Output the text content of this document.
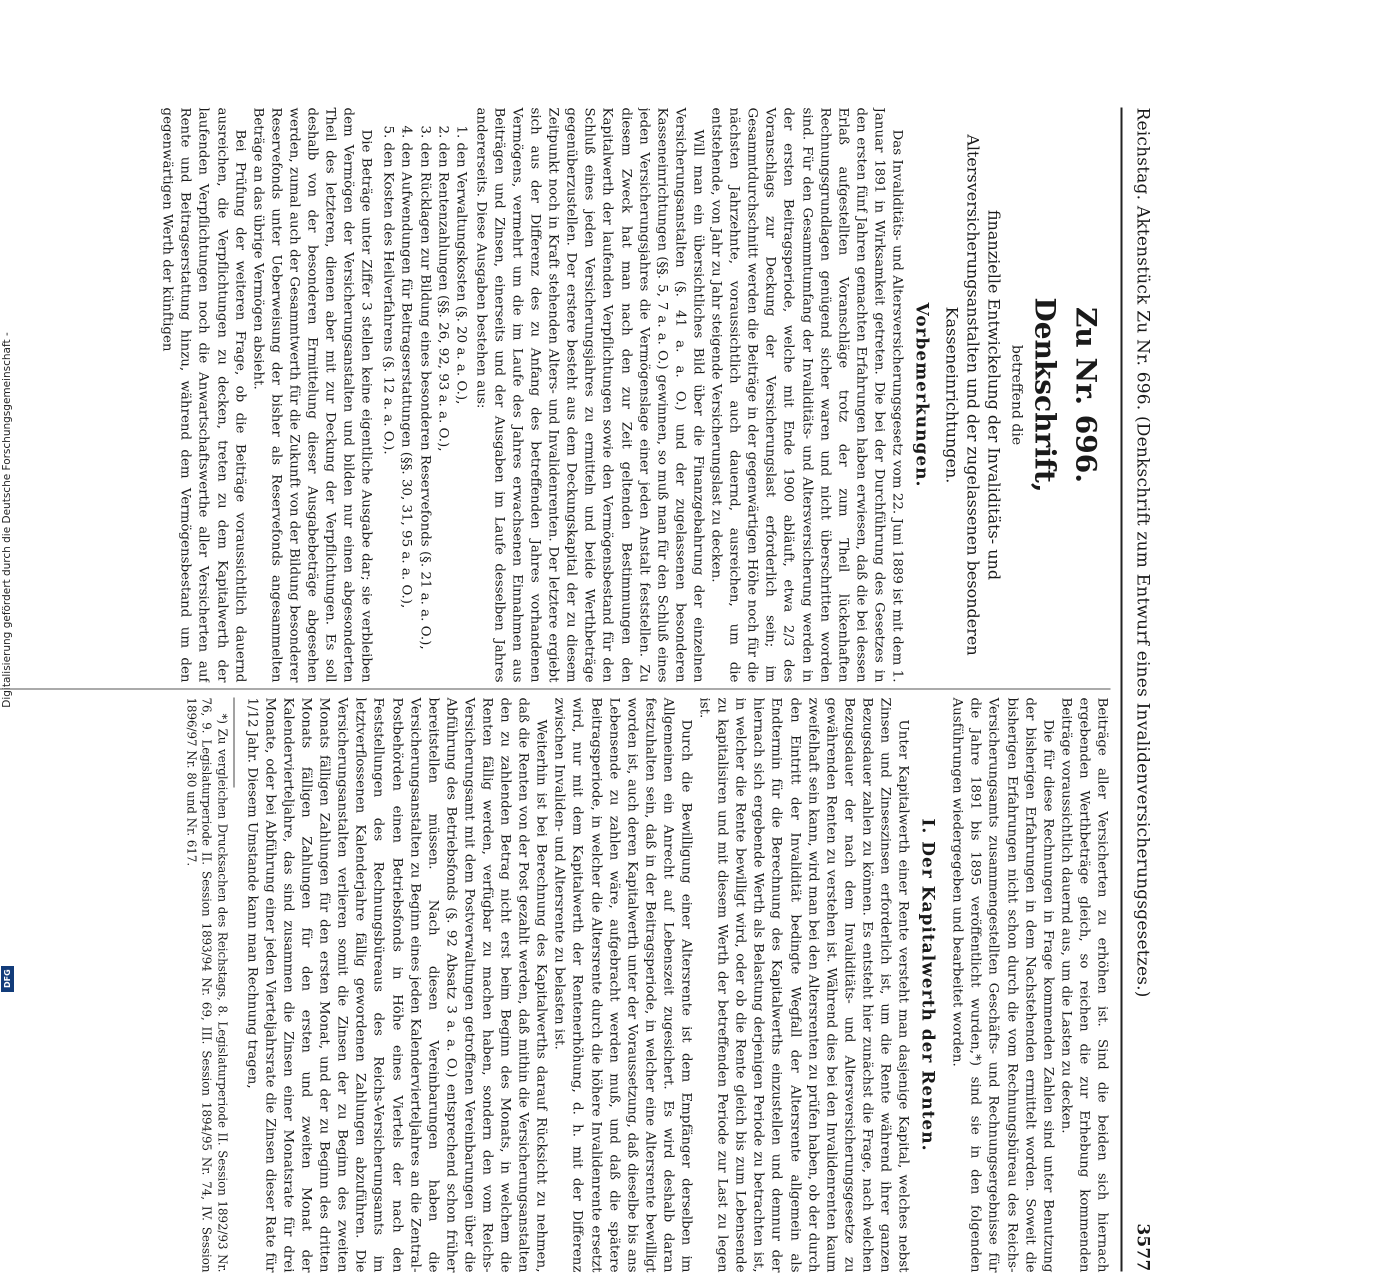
Digitalisierung gefördert durch die Deutsche Forschungsgemeinschaft -
DFG	Reichstag. Aktenstück Zu Nr. 696. (Denkschrift zum Entwurf eines Invalidenversicherungsgesetzes.)
3577
Zu Nr. 696.
Denkschrift,
betreffend die
finanzielle Entwickelung der Invaliditäts- und Altersversicherungsanstalten und der zugelassenen besonderen Kasseneinrichtungen.
Vorbemerkungen.

Das Invaliditäts- und Altersversicherungsgesetz vom 22. Juni 1889 ist mit dem 1. Januar 1891 in Wirksamkeit getreten. Die bei der Durchführung des Gesetzes in den ersten fünf Jahren gemachten Erfahrungen haben erwiesen, daß die bei dessen Erlaß aufgestellten Voranschläge trotz der zum Theil lückenhaften Rechnungsgrundlagen genügend sicher waren und nicht überschritten worden sind. Für den Gesammtumfang der Invaliditäts- und Altersversicherung werden in der ersten Beitragsperiode, welche mit Ende 1900 abläuft, etwa 2/3 des Voranschlags zur Deckung der Versicherungslast erforderlich sein; im Gesammtdurchschnitt werden die Beiträge in der gegenwärtigen Höhe noch für die nächsten Jahrzehnte, voraussichtlich auch dauernd, ausreichen, um die entstehende, von Jahr zu Jahr steigende Versicherungslast zu decken.

Will man ein übersichtliches Bild über die Finanzgebahrung der einzelnen Versicherungsanstalten (§. 41 a. a. O.) und der zugelassenen besonderen Kasseneinrichtungen (§§. 5, 7 a. a. O.) gewinnen, so muß man für den Schluß eines jeden Versicherungsjahres die Vermögenslage einer jeden Anstalt feststellen. Zu diesem Zweck hat man nach den zur Zeit geltenden Bestimmungen den Kapitalwerth der laufenden Verpflichtungen sowie den Vermögensbestand für den Schluß eines jeden Versicherungsjahres zu ermitteln und beide Werthbeträge gegenüberzustellen. Der erstere besteht aus dem Deckungskapital der zu diesem Zeitpunkt noch in Kraft stehenden Alters- und Invalidenrenten. Der letztere ergiebt sich aus der Differenz des zu Anfang des betreffenden Jahres vorhandenen Vermögens, vermehrt um die im Laufe des Jahres erwachsenen Einnahmen aus Beiträgen und Zinsen, einerseits und der Ausgaben im Laufe desselben Jahres andererseits. Diese Ausgaben bestehen aus:

1. den Verwaltungskosten (§. 20 a. a. O.),
2. den Rentenzahlungen (§§. 26, 92, 93 a. a. O.),
3. den Rücklagen zur Bildung eines besonderen Reservefonds (§. 21 a. a. O.),
4. den Aufwendungen für Beitragserstattungen (§§. 30, 31, 95 a. a. O.),
5. den Kosten des Heilverfahrens (§. 12 a. a. O.).

Die Beträge unter Ziffer 3 stellen keine eigentliche Ausgabe dar; sie verbleiben dem Vermögen der Versicherungsanstalten und bilden nur einen abgesonderten Theil des letzteren, dienen aber mit zur Deckung der Verpflichtungen. Es soll deshalb von der besonderen Ermittelung dieser Ausgabebeträge abgesehen werden, zumal auch der Gesammtwerth für die Zukunft von der Bildung besonderer Reservefonds unter Ueberweisung der bisher als Reservefonds angesammelten Beträge an das übrige Vermögen absieht.

Bei Prüfung der weiteren Frage, ob die Beiträge voraussichtlich dauernd ausreichen, die Verpflichtungen zu decken, treten zu dem Kapitalwerth der laufenden Verpflichtungen noch die Anwartschaftswerthe aller Versicherten auf Rente und Beitragserstattung hinzu, während dem Vermögensbestand um den gegenwärtigen Werth der künftigen

Beiträge aller Versicherten zu erhöhen ist. Sind die beiden sich hiernach ergebenden Werthbeträge gleich, so reichen die zur Erhebung kommenden Beiträge voraussichtlich dauernd aus, um die Lasten zu decken.

Die für diese Rechnungen in Frage kommenden Zahlen sind unter Benutzung der bisherigen Erfahrungen in dem Nachstehenden ermittelt worden. Soweit die bisherigen Erfahrungen nicht schon durch die vom Rechnungsbüreau des Reichs-Versicherungsamts zusammengestellten Geschäfts- und Rechnungsergebnisse für die Jahre 1891 bis 1895 veröffentlicht wurden,*) sind sie in den folgenden Ausführungen wiedergegeben und bearbeitet worden.

I. Der Kapitalwerth der Renten.

Unter Kapitalwerth einer Rente versteht man dasjenige Kapital, welches nebst Zinsen und Zinseszinsen erforderlich ist, um die Rente während ihrer ganzen Bezugsdauer zahlen zu können. Es entsteht hier zunächst die Frage, nach welchen Bezugsdauer der nach dem Invaliditäts- und Altersversicherungsgesetze zu gewährenden Renten zu verstehen ist. Während dies bei den Invalidenrenten kaum zweifelhaft sein kann, wird man bei den Altersrenten zu prüfen haben, ob der durch den Eintritt der Invalidität bedingte Wegfall der Altersrente allgemein als Endtermin für die Berechnung des Kapitalwerths einzustellen und demnur der hiernach sich ergebende Werth als Belastung derjenigen Periode zu betrachten ist, in welcher die Rente bewilligt wird, oder ob die Rente gleich bis zum Lebensende zu kapitalisiren und mit diesem Werth der betreffenden Periode zur Last zu legen ist.

Durch die Bewilligung einer Altersrente ist dem Empfänger derselben im Allgemeinen ein Anrecht auf Lebenszeit zugesichert. Es wird deshalb daran festzuhalten sein, daß in der Beitragsperiode, in welcher eine Altersrente bewilligt worden ist, auch deren Kapitalwerth unter der Voraussetzung, daß dieselbe bis ans Lebensende zu zahlen wäre, aufgebracht werden muß, und daß die spätere Beitragsperiode, in welcher die Altersrente durch die höhere Invalidenrente ersetzt wird, nur mit dem Kapitalwerth der Rentenerhöhung, d. h. mit der Differenz zwischen Invaliden- und Altersrente zu belasten ist.

Weiterhin ist bei Berechnung des Kapitalwerths darauf Rücksicht zu nehmen, daß die Renten von der Post gezahlt werden, daß mithin die Versicherungsanstalten den zu zahlenden Betrag nicht erst beim Beginn des Monats, in welchem die Renten fällig werden, verfügbar zu machen haben, sondern den vom Reichs-Versicherungsamt mit dem Postverwaltungen getroffenen Vereinbarungen über die Abführung des Betriebsfonds (§. 92 Absatz 3 a. a. O.) entsprechend schon früher bereitstellen müssen. Nach diesen Vereinbarungen haben die Versicherungsanstalten zu Beginn eines jeden Kalendervierteljahres an die Zentral-Postbehörden einen Betriebsfonds in Höhe eines Viertels der nach den Feststellungen des Rechnungsbüreaus des Reichs-Versicherungsamts im letztverflossenen Kalenderjahre fällig gewordenen Zahlungen abzuführen. Die Versicherungsanstalten verlieren somit die Zinsen der zu Beginn des zweiten Monats fälligen Zahlungen für den ersten Monat, und der zu Beginn des dritten Monats fälligen Zahlungen für den ersten und zweiten Monat der Kalendervierteljahre, das sind zusammen die Zinsen einer Monatsrate für drei Monate, oder bei Abführung einer jeden Vierteljahrsrate die Zinsen dieser Rate für 1/12 Jahr. Diesem Umstande kann man Rechnung tragen,

*) Zu vergleichen Drucksachen des Reichstags, 8. Legislaturperiode II. Session 1892/93 Nr. 76, 9. Legislaturperiode II. Session 1893/94 Nr. 69, III. Session 1894/95 Nr. 74, IV. Session 1896/97 Nr. 80 und Nr. 617.
